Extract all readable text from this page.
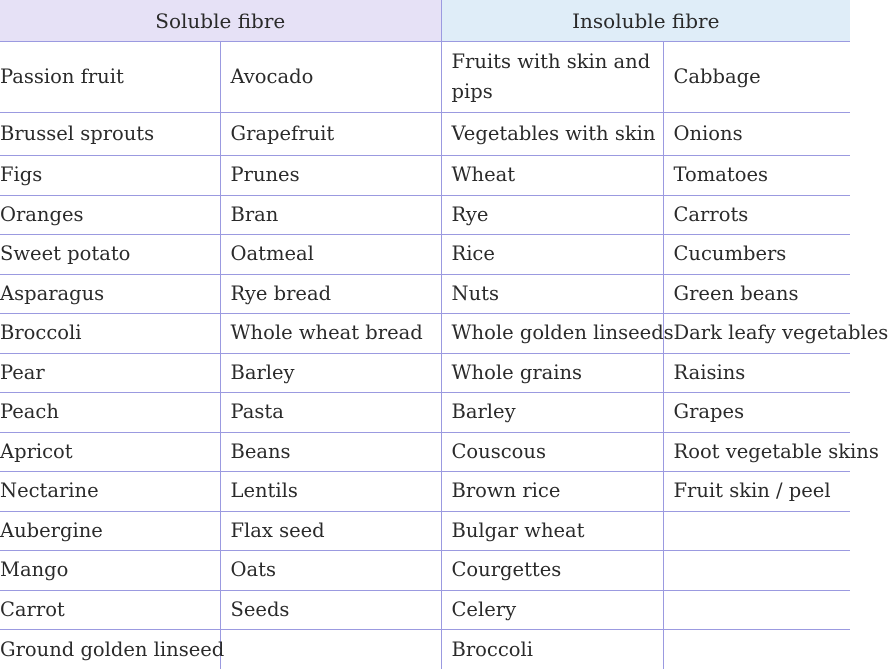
Soluble fibre		Insoluble fibre	
Passion fruit	Avocado	Fruits with skin and pips	Cabbage
Brussel sprouts	Grapefruit	Vegetables with skin	Onions
Figs	Prunes	Wheat	Tomatoes
Oranges	Bran	Rye	Carrots
Sweet potato	Oatmeal	Rice	Cucumbers
Asparagus	Rye bread	Nuts	Green beans
Broccoli	Whole wheat bread	Whole golden linseeds	Dark leafy vegetables
Pear	Barley	Whole grains	Raisins
Peach	Pasta	Barley	Grapes
Apricot	Beans	Couscous	Root vegetable skins
Nectarine	Lentils	Brown rice	Fruit skin / peel
Aubergine	Flax seed	Bulgar wheat	
Mango	Oats	Courgettes	
Carrot	Seeds	Celery	
Ground golden linseed		Broccoli	
